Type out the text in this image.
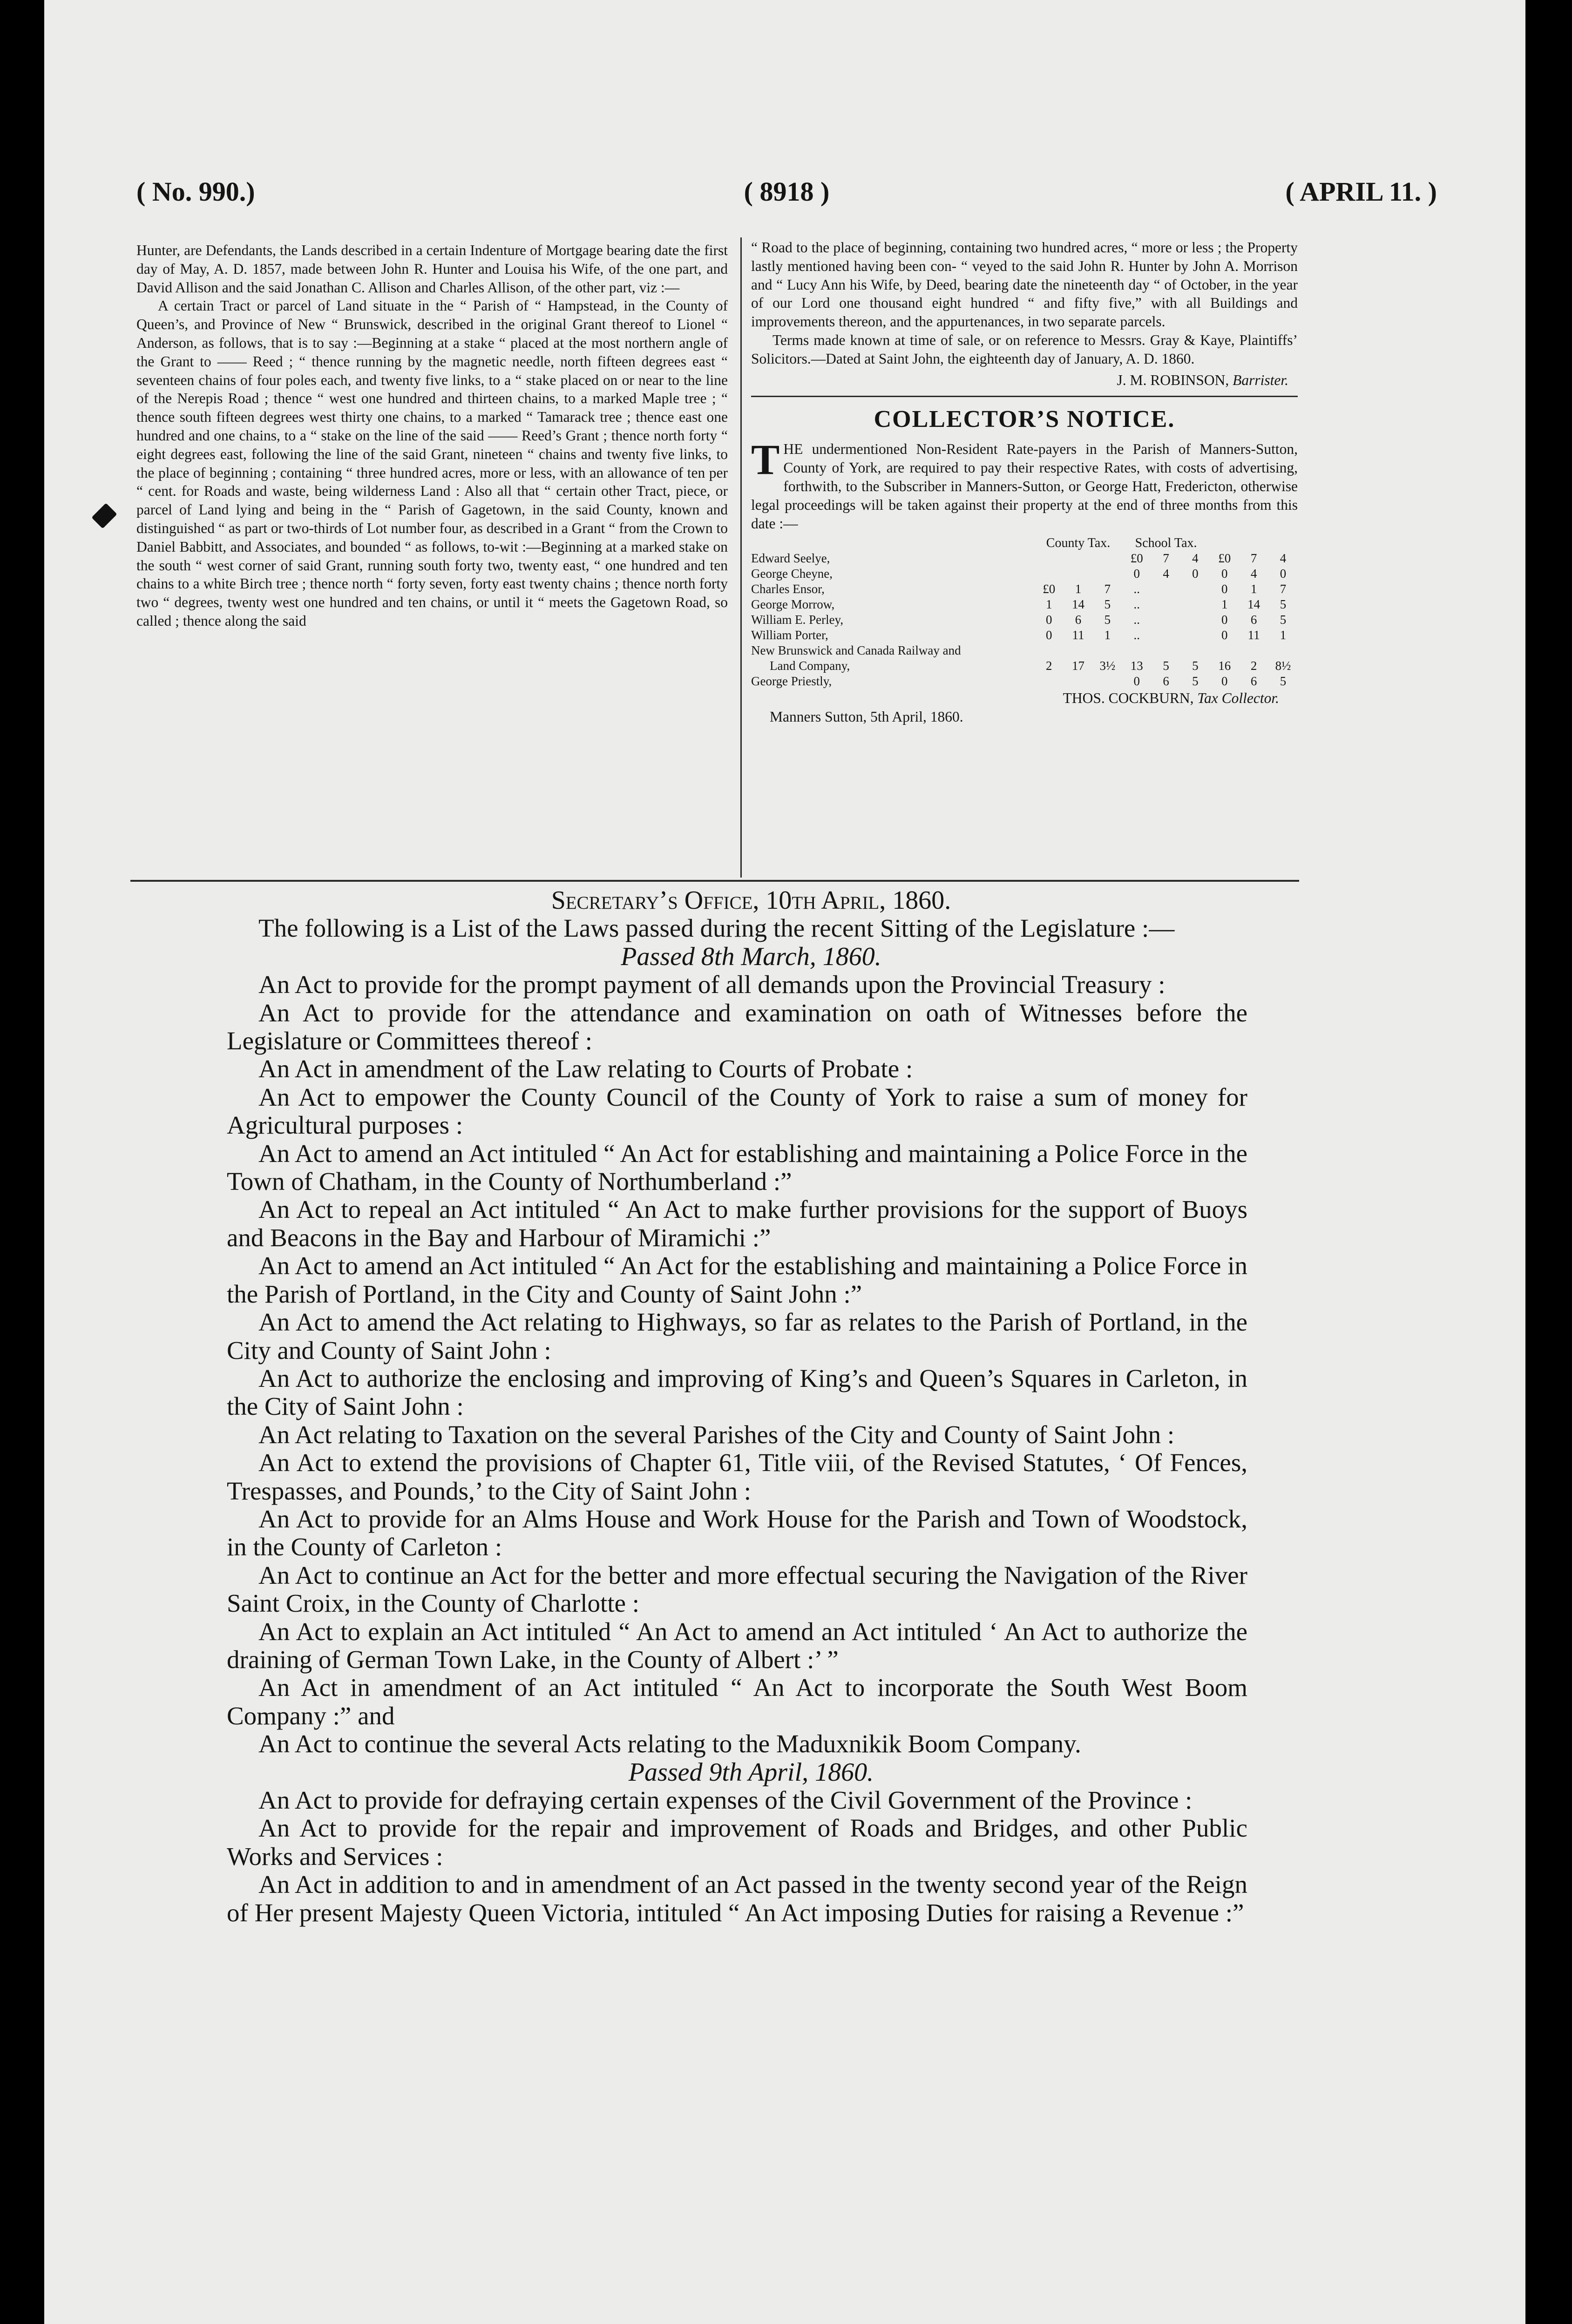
( No. 990.)	( 8918 )	( APRIL 11. )

Hunter, are Defendants, the Lands described in a certain Indenture of Mortgage bearing date the first day of May, A. D. 1857, made between John R. Hunter and Louisa his Wife, of the one part, and David Allison and the said Jonathan C. Allison and Charles Allison, of the other part, viz :—

A certain Tract or parcel of Land situate in the “ Parish of “ Hampstead, in the County of Queen’s, and Province of New “ Brunswick, described in the original Grant thereof to Lionel “ Anderson, as follows, that is to say :—Beginning at a stake “ placed at the most northern angle of the Grant to —— Reed ; “ thence running by the magnetic needle, north fifteen degrees east “ seventeen chains of four poles each, and twenty five links, to a “ stake placed on or near to the line of the Nerepis Road ; thence “ west one hundred and thirteen chains, to a marked Maple tree ; “ thence south fifteen degrees west thirty one chains, to a marked “ Tamarack tree ; thence east one hundred and one chains, to a “ stake on the line of the said —— Reed’s Grant ; thence north forty “ eight degrees east, following the line of the said Grant, nineteen “ chains and twenty five links, to the place of beginning ; containing “ three hundred acres, more or less, with an allowance of ten per “ cent. for Roads and waste, being wilderness Land : Also all that “ certain other Tract, piece, or parcel of Land lying and being in the “ Parish of Gagetown, in the said County, known and distinguished “ as part or two-thirds of Lot number four, as described in a Grant “ from the Crown to Daniel Babbitt, and Associates, and bounded “ as follows, to-wit :—Beginning at a marked stake on the south “ west corner of said Grant, running south forty two, twenty east, “ one hundred and ten chains to a white Birch tree ; thence north “ forty seven, forty east twenty chains ; thence north forty two “ degrees, twenty west one hundred and ten chains, or until it “ meets the Gagetown Road, so called ; thence along the said

“ Road to the place of beginning, containing two hundred acres, “ more or less ; the Property lastly mentioned having been con- “ veyed to the said John R. Hunter by John A. Morrison and “ Lucy Ann his Wife, by Deed, bearing date the nineteenth day “ of October, in the year of our Lord one thousand eight hundred “ and fifty five,” with all Buildings and improvements thereon, and the appurtenances, in two separate parcels.

Terms made known at time of sale, or on reference to Messrs. Gray & Kaye, Plaintiffs’ Solicitors.—Dated at Saint John, the eighteenth day of January, A. D. 1860.

J. M. ROBINSON, Barrister.

COLLECTOR’S NOTICE.

T HE undermentioned Non-Resident Rate-payers in the Parish of Manners-Sutton, County of York, are required to pay their respective Rates, with costs of advertising, forthwith, to the Subscriber in Manners-Sutton, or George Hatt, Fredericton, otherwise legal proceedings will be taken against their property at the end of three months from this date :—

	County Tax.			School Tax.					
Edward Seelye,				£0	7	4	£0	7	4
George Cheyne,				0	4	0	0	4	0
Charles Ensor,	£0	1	7	..			0	1	7
George Morrow,	1	14	5	..			1	14	5
William E. Perley,	0	6	5	..			0	6	5
William Porter,	0	11	1	..			0	11	1
New Brunswick and Canada Railway and									
Land Company,	2	17	3½	13	5	5	16	2	8½
George Priestly,				0	6	5	0	6	5

THOS. COCKBURN, Tax Collector.

Manners Sutton, 5th April, 1860.

Secretary’s Office, 10th April, 1860.

The following is a List of the Laws passed during the recent Sitting of the Legislature :—

Passed 8th March, 1860.

An Act to provide for the prompt payment of all demands upon the Provincial Treasury :

An Act to provide for the attendance and examination on oath of Witnesses before the Legislature or Committees thereof :

An Act in amendment of the Law relating to Courts of Probate :

An Act to empower the County Council of the County of York to raise a sum of money for Agricultural purposes :

An Act to amend an Act intituled “ An Act for establishing and maintaining a Police Force in the Town of Chatham, in the County of Northumberland :”

An Act to repeal an Act intituled “ An Act to make further provisions for the support of Buoys and Beacons in the Bay and Harbour of Miramichi :”

An Act to amend an Act intituled “ An Act for the establishing and maintaining a Police Force in the Parish of Portland, in the City and County of Saint John :”

An Act to amend the Act relating to Highways, so far as relates to the Parish of Portland, in the City and County of Saint John :

An Act to authorize the enclosing and improving of King’s and Queen’s Squares in Carleton, in the City of Saint John :

An Act relating to Taxation on the several Parishes of the City and County of Saint John :

An Act to extend the provisions of Chapter 61, Title viii, of the Revised Statutes, ‘ Of Fences, Trespasses, and Pounds,’ to the City of Saint John :

An Act to provide for an Alms House and Work House for the Parish and Town of Woodstock, in the County of Carleton :

An Act to continue an Act for the better and more effectual securing the Navigation of the River Saint Croix, in the County of Charlotte :

An Act to explain an Act intituled “ An Act to amend an Act intituled ‘ An Act to authorize the draining of German Town Lake, in the County of Albert :’ ”

An Act in amendment of an Act intituled “ An Act to incorporate the South West Boom Company :” and

An Act to continue the several Acts relating to the Maduxnikik Boom Company.

Passed 9th April, 1860.

An Act to provide for defraying certain expenses of the Civil Government of the Province :

An Act to provide for the repair and improvement of Roads and Bridges, and other Public Works and Services :

An Act in addition to and in amendment of an Act passed in the twenty second year of the Reign of Her present Majesty Queen Victoria, intituled “ An Act imposing Duties for raising a Revenue :”
